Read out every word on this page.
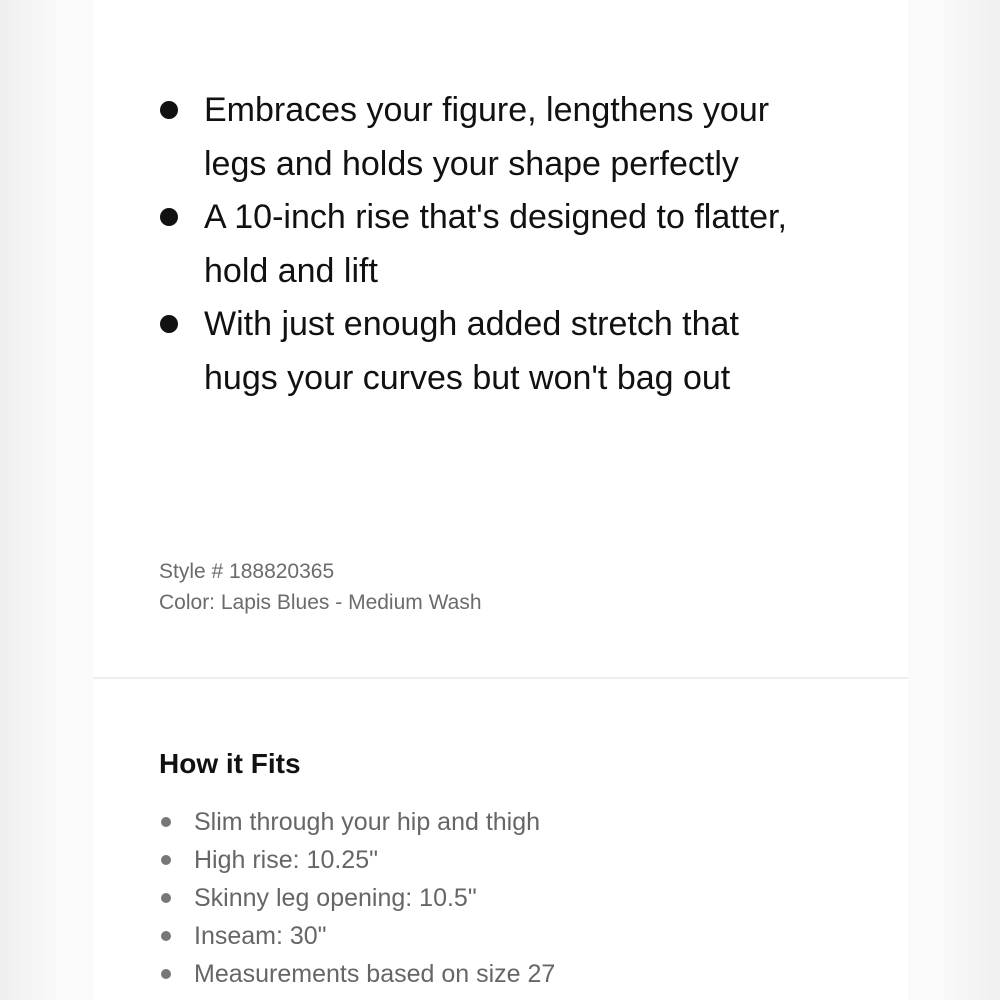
Embraces your figure, lengthens your legs and holds your shape perfectly
A 10-inch rise that's designed to flatter, hold and lift
With just enough added stretch that hugs your curves but won't bag out
Style # 188820365
Color: Lapis Blues - Medium Wash
How it Fits
Slim through your hip and thigh
High rise: 10.25"
Skinny leg opening: 10.5"
Inseam: 30"
Measurements based on size 27
